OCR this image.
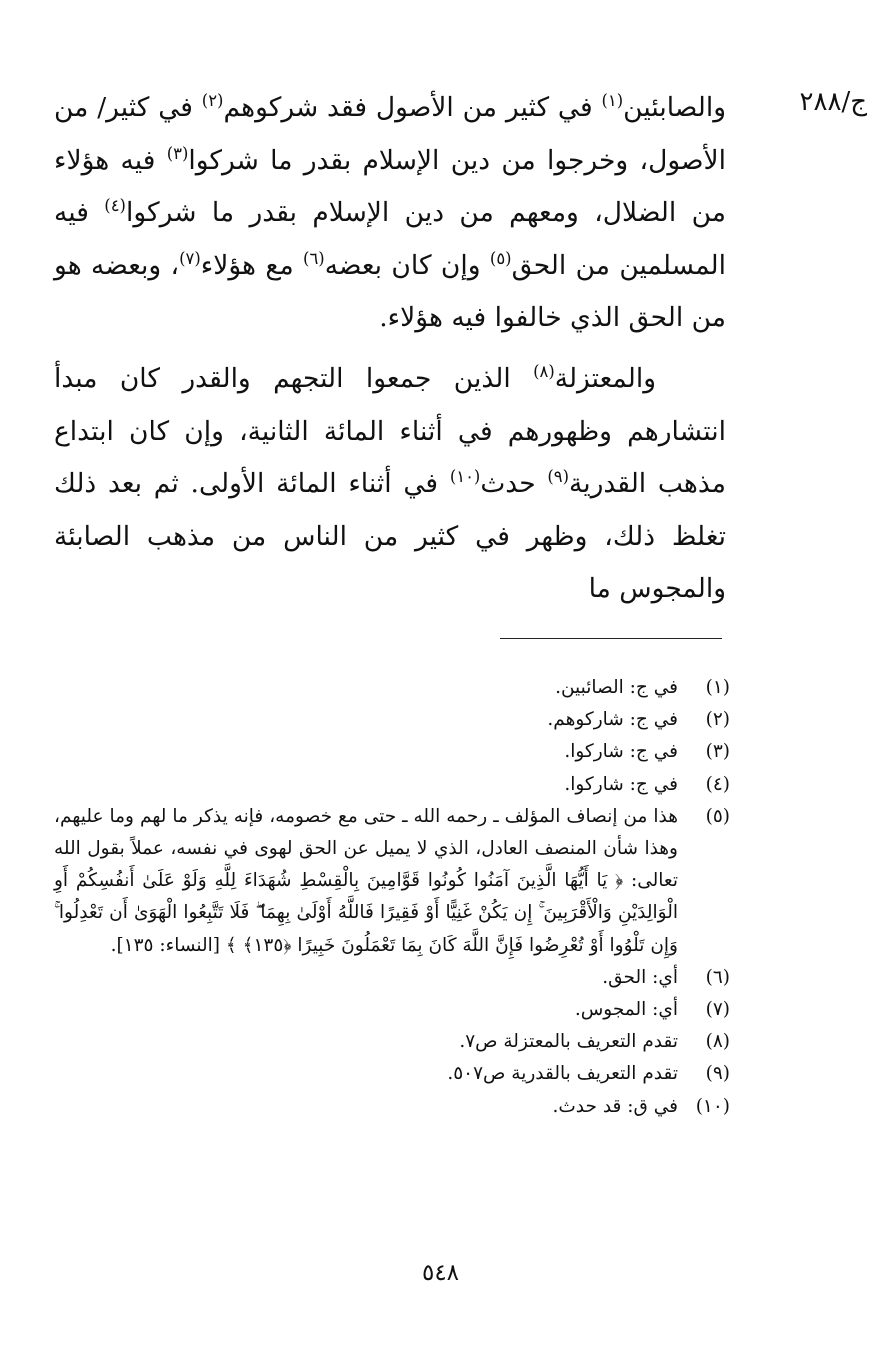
ج/٢٨٨

والصابئين$^{(١)}$ في كثير من الأصول فقد شركوهم$^{(٢)}$ في كثير/ من الأصول، وخرجوا من دين الإسلام بقدر ما شركوا$^{(٣)}$ فيه هؤلاء من الضلال، ومعهم من دين الإسلام بقدر ما شركوا$^{(٤)}$ فيه المسلمين من الحق$^{(٥)}$ وإن كان بعضه$^{(٦)}$ مع هؤلاء$^{(٧)}$، وبعضه هو من الحق الذي خالفوا فيه هؤلاء.

والمعتزلة$^{(٨)}$ الذين جمعوا التجهم والقدر كان مبدأ انتشارهم وظهورهم في أثناء المائة الثانية، وإن كان ابتداع مذهب القدرية$^{(٩)}$ حدث$^{(١٠)}$ في أثناء المائة الأولى. ثم بعد ذلك تغلظ ذلك، وظهر في كثير من الناس من مذهب الصابئة والمجوس ما

(١)
في ج: الصائبين.
(٢)
في ج: شاركوهم.
(٣)
في ج: شاركوا.
(٤)
في ج: شاركوا.
(٥)
هذا من إنصاف المؤلف ـ رحمه الله ـ حتى مع خصومه، فإنه يذكر ما لهم وما عليهم، وهذا شأن المنصف العادل، الذي لا يميل عن الحق لهوى في نفسه، عملاً بقول الله تعالى: ﴿ يَا أَيُّهَا الَّذِينَ آمَنُوا كُونُوا قَوَّامِينَ بِالْقِسْطِ شُهَدَاءَ لِلَّهِ وَلَوْ عَلَىٰ أَنفُسِكُمْ أَوِ الْوَالِدَيْنِ وَالْأَقْرَبِينَ ۚ إِن يَكُنْ غَنِيًّا أَوْ فَقِيرًا فَاللَّهُ أَوْلَىٰ بِهِمَا ۖ فَلَا تَتَّبِعُوا الْهَوَىٰ أَن تَعْدِلُوا ۚ وَإِن تَلْوُوا أَوْ تُعْرِضُوا فَإِنَّ اللَّهَ كَانَ بِمَا تَعْمَلُونَ خَبِيرًا ﴿١٣٥﴾ ﴾ [النساء: ١٣٥].
(٦)
أي: الحق.
(٧)
أي: المجوس.
(٨)
تقدم التعريف بالمعتزلة ص٧.
(٩)
تقدم التعريف بالقدرية ص٥٠٧.
(١٠)
في ق: قد حدث.
٥٤٨
